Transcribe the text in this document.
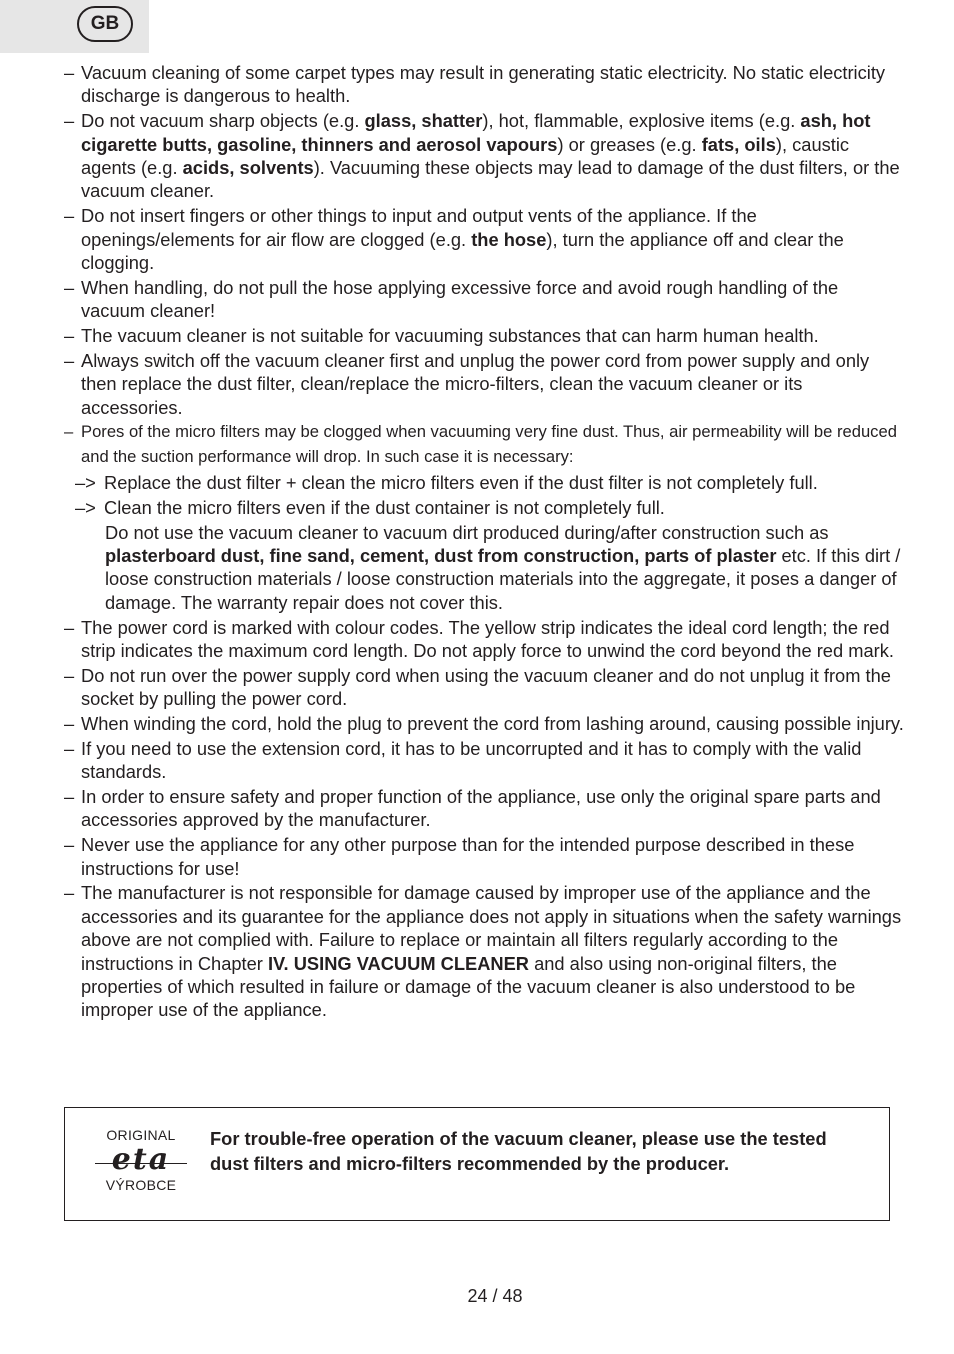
GB
– Vacuum cleaning of some carpet types may result in generating static electricity. No static electricity discharge is dangerous to health.
– Do not vacuum sharp objects (e.g. glass, shatter), hot, flammable, explosive items (e.g. ash, hot cigarette butts, gasoline, thinners and aerosol vapours) or greases (e.g. fats, oils), caustic agents (e.g. acids, solvents). Vacuuming these objects may lead to damage of the dust filters, or the vacuum cleaner.
– Do not insert fingers or other things to input and output vents of the appliance. If the openings/elements for air flow are clogged (e.g. the hose), turn the appliance off and clear the clogging.
– When handling, do not pull the hose applying excessive force and avoid rough handling of the vacuum cleaner!
– The vacuum cleaner is not suitable for vacuuming substances that can harm human health.
– Always switch off the vacuum cleaner first and unplug the power cord from power supply and only then replace the dust filter, clean/replace the micro-filters, clean the vacuum cleaner or its accessories.
– Pores of the micro filters may be clogged when vacuuming very fine dust. Thus, air permeability will be reduced and the suction performance will drop. In such case it is necessary:
–> Replace the dust filter + clean the micro filters even if the dust filter is not completely full.
–> Clean the micro filters even if the dust container is not completely full.
Do not use the vacuum cleaner to vacuum dirt produced during/after construction such as plasterboard dust, fine sand, cement, dust from construction, parts of plaster etc. If this dirt / loose construction materials / loose construction materials into the aggregate, it poses a danger of damage. The warranty repair does not cover this.
– The power cord is marked with colour codes. The yellow strip indicates the ideal cord length; the red strip indicates the maximum cord length. Do not apply force to unwind the cord beyond the red mark.
– Do not run over the power supply cord when using the vacuum cleaner and do not unplug it from the socket by pulling the power cord.
– When winding the cord, hold the plug to prevent the cord from lashing around, causing possible injury.
– If you need to use the extension cord, it has to be uncorrupted and it has to comply with the valid standards.
– In order to ensure safety and proper function of the appliance, use only the original spare parts and accessories approved by the manufacturer.
– Never use the appliance for any other purpose than for the intended purpose described in these instructions for use!
– The manufacturer is not responsible for damage caused by improper use of the appliance and the accessories and its guarantee for the appliance does not apply in situations when the safety warnings above are not complied with. Failure to replace or maintain all filters regularly according to the instructions in Chapter IV. USING VACUUM CLEANER and also using non-original filters, the properties of which resulted in failure or damage of the vacuum cleaner is also understood to be improper use of the appliance.
ORIGINAL
eta
VÝROBCE
For trouble-free operation of the vacuum cleaner, please use the tested dust filters and micro-filters recommended by the producer.
24 / 48
